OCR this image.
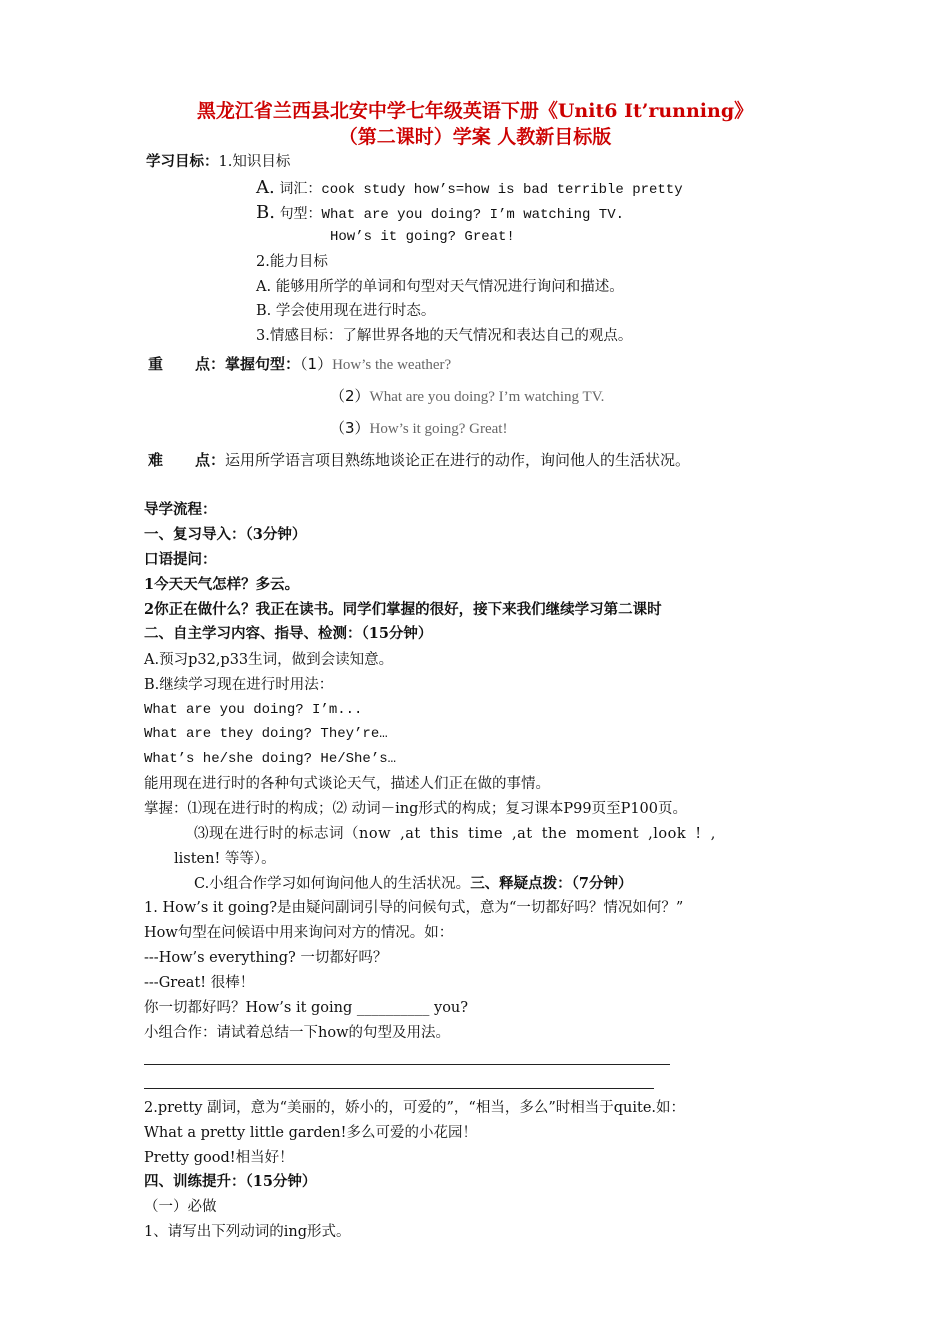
黑龙江省兰西县北安中学七年级英语下册《Unit6 It’running》
（第二课时）学案 人教新目标版
学习目标：1.知识目标
A. 词汇：cook study how’s=how is bad terrible pretty
B. 句型：What are you doing? I’m watching TV.
How’s it going? Great!
2.能力目标
A. 能够用所学的单词和句型对天气情况进行询问和描述。
B. 学会使用现在进行时态。
3.情感目标：了解世界各地的天气情况和表达自己的观点。
重 点：掌握句型：（1）How’s the weather?
（2）What are you doing? I’m watching TV.
（3）How’s it going? Great!
难 点：运用所学语言项目熟练地谈论正在进行的动作，询问他人的生活状况。
导学流程：
一、复习导入：（3分钟）
口语提问：
1今天天气怎样？多云。
2你正在做什么？我正在读书。同学们掌握的很好，接下来我们继续学习第二课时
二、自主学习内容、指导、检测：（15分钟）
A.预习p32,p33生词，做到会读知意。
B.继续学习现在进行时用法：
What are you doing? I’m...
What are they doing? They’re…
What’s he/she doing? He/She’s…
能用现在进行时的各种句式谈论天气，描述人们正在做的事情。
掌握：⑴现在进行时的构成；⑵ 动词－ing形式的构成；复习课本P99页至P100页。
⑶现在进行时的标志词（now ,at this time ,at the moment ,look ! ,
listen! 等等）。
C.小组合作学习如何询问他人的生活状况。三、释疑点拨：（7分钟）
1. How’s it going?是由疑问副词引导的问候句式，意为“一切都好吗？情况如何？”
How句型在问候语中用来询问对方的情况。如：
---How’s everything? 一切都好吗？
---Great! 很棒！
你一切都好吗？How’s it going __________ you?
小组合作：请试着总结一下how的句型及用法。
2.pretty 副词，意为“美丽的，娇小的，可爱的”，“相当，多么”时相当于quite.如：
What a pretty little garden!多么可爱的小花园！
Pretty good!相当好！
四、训练提升：（15分钟）
（一）必做
1、请写出下列动词的ing形式。
